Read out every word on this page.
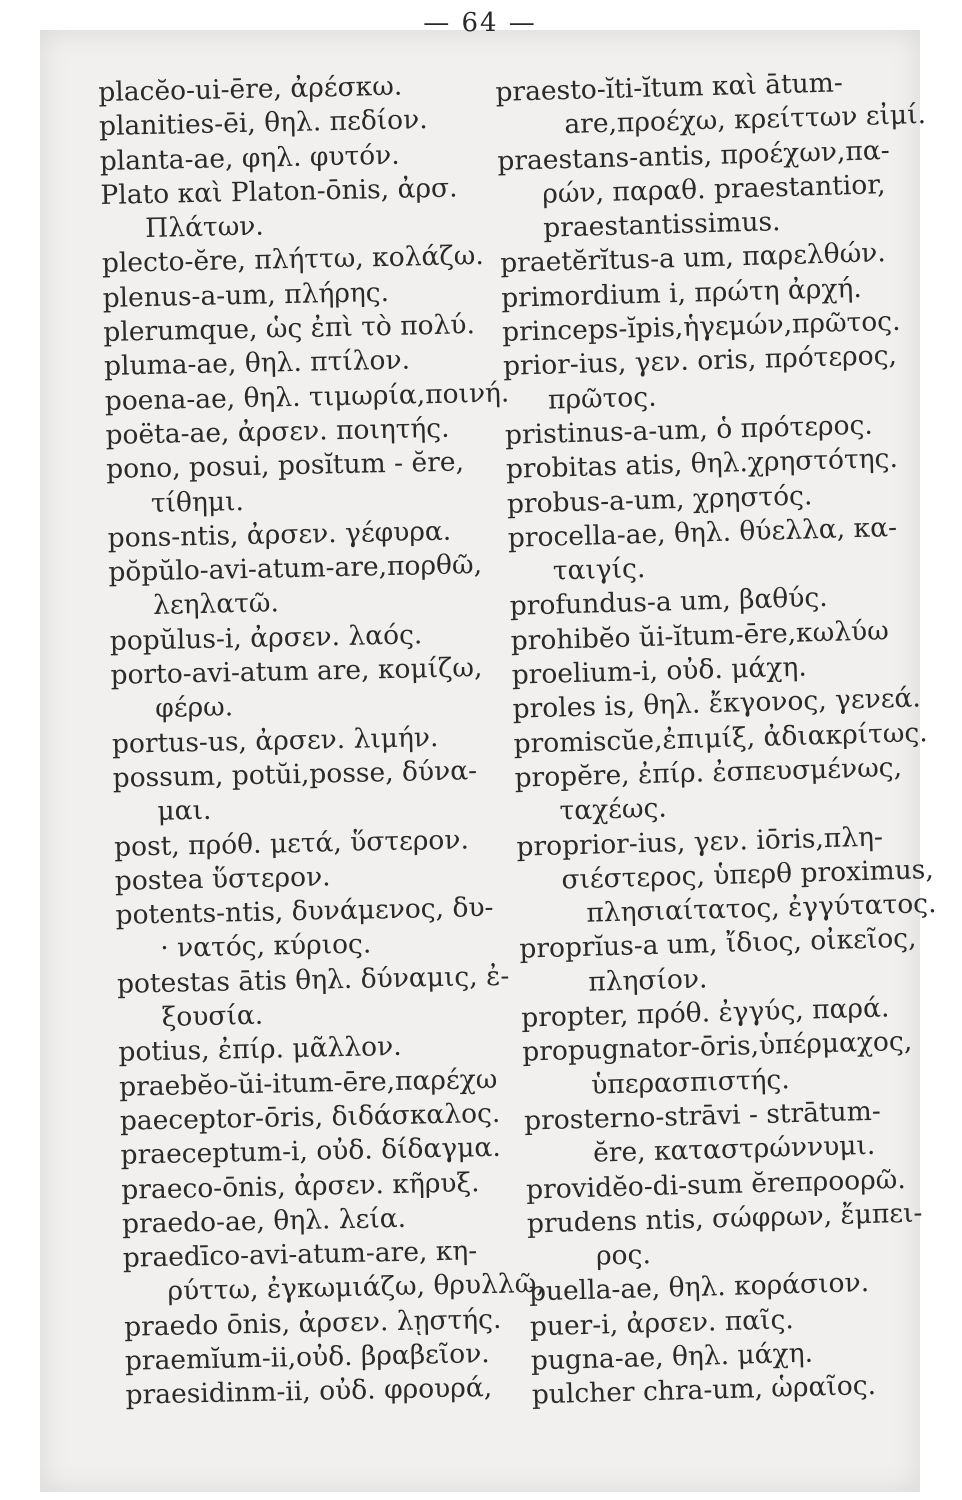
— 64 —
placĕo-ui-ēre, ἀρέσκω.
planities-ēi, θηλ. πεδίον.
planta-ae, φηλ. φυτόν.
Plato καὶ Platon-ōnis, ἀρσ.
Πλάτων.
plecto-ĕre, πλήττω, κολάζω.
plenus-a-um, πλήρης.
plerumque, ὡς ἐπὶ τὸ πολύ.
pluma-ae, θηλ. πτίλον.
poena-ae, θηλ. τιμωρία,ποινή.
poëta-ae, ἀρσεν. ποιητής.
pono, posui, posĭtum - ĕre,
τίθημι.
pons-ntis, ἀρσεν. γέφυρα.
pŏpŭlo-avi-atum-are,πορθῶ,
λεηλατῶ.
popŭlus-i, ἀρσεν. λαός.
porto-avi-atum are, κομίζω,
φέρω.
portus-us, ἀρσεν. λιμήν.
possum, potŭi,posse, δύνα-
μαι.
post, πρόθ. μετά, ὕστερον.
postea ὕστερον.
potents-ntis, δυνάμενος, δυ-
· νατός, κύριος.
potestas ātis θηλ. δύναμις, ἐ-
ξουσία.
potius, ἐπίρ. μᾶλλον.
praebĕo-ŭi-itum-ēre,παρέχω
paeceptor-ōris, διδάσκαλος.
praeceptum-i, οὐδ. δίδαγμα.
praeco-ōnis, ἀρσεν. κῆρυξ.
praedo-ae, θηλ. λεία.
praedīco-avi-atum-are, κη-
ρύττω, ἐγκωμιάζω, θρυλλῶ,
praedo ōnis, ἀρσεν. λῃστής.
praemĭum-ii,οὐδ. βραβεῖον.
praesidinm-ii, οὐδ. φρουρά,
praesto-ĭti-ĭtum καὶ ātum-
are,προέχω, κρείττων εἰμί.
praestans-antis, προέχων,πα-
ρών, παραθ. praestantior,
praestantissimus.
praetĕrĭtus-a um, παρελθών.
primordium i, πρώτη ἀρχή.
princeps-ĭpis,ἡγεμών,πρῶτος.
prior-ius, γεν. oris, πρότερος,
πρῶτος.
pristinus-a-um, ὁ πρότερος.
probitas atis, θηλ.χρηστότης.
probus-a-um, χρηστός.
procella-ae, θηλ. θύελλα, κα-
ταιγίς.
profundus-a um, βαθύς.
prohibĕo ŭi-ĭtum-ēre,κωλύω
proelium-i, οὐδ. μάχη.
proles is, θηλ. ἔκγονος, γενεά.
promiscŭe,ἐπιμίξ, ἀδιακρίτως.
propĕre, ἐπίρ. ἐσπευσμένως,
ταχέως.
proprior-ius, γεν. iōris,πλη-
σιέστερος, ὑπερθ proximus,
πλησιαίτατος, ἐγγύτατος.
proprĭus-a um, ἴδιος, οἰκεῖος,
πλησίον.
propter, πρόθ. ἐγγύς, παρά.
propugnator-ōris,ὑπέρμαχος,
ὑπερασπιστής.
prosterno-strāvi - strātum-
ĕre, καταστρώννυμι.
providĕo-di-sum ĕreπροορῶ.
prudens ntis, σώφρων, ἔμπει-
ρος.
puella-ae, θηλ. κοράσιον.
puer-i, ἀρσεν. παῖς.
pugna-ae, θηλ. μάχη.
pulcher chra-um, ὡραῖος.
